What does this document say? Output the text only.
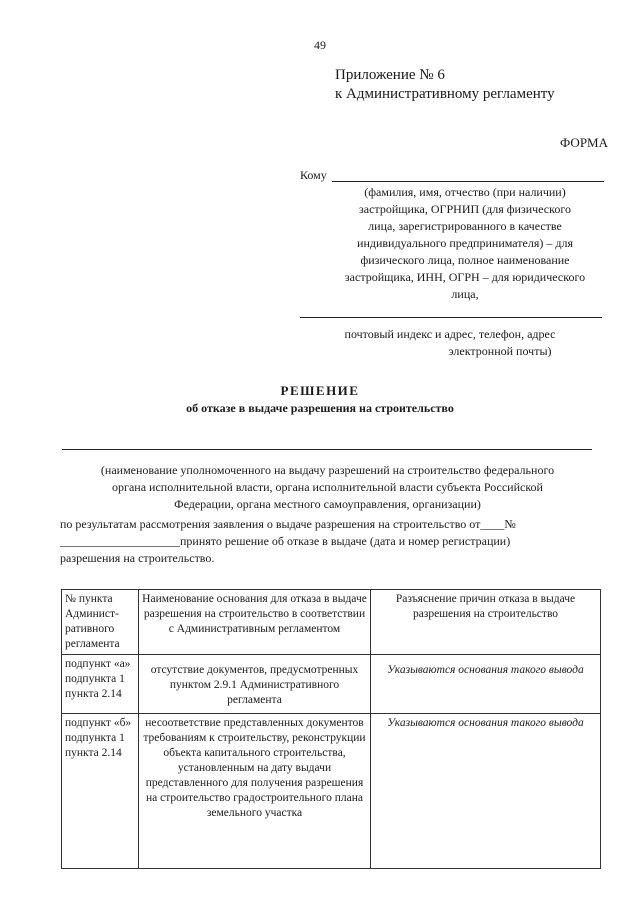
49
Приложение № 6
к Административному регламенту
ФОРМА
Кому
(фамилия, имя, отчество (при наличии)
застройщика, ОГРНИП (для физического
лица, зарегистрированного в качестве
индивидуального предпринимателя) – для
физического лица, полное наименование
застройщика, ИНН, ОГРН – для юридического
лица,
почтовый индекс и адрес, телефон, адрес
электронной почты)
РЕШЕНИЕ
об отказе в выдаче разрешения на строительство
(наименование уполномоченного на выдачу разрешений на строительство федерального
органа исполнительной власти, органа исполнительной власти субъекта Российской
Федерации, органа местного самоуправления, организации)

по результатам рассмотрения заявления о выдаче разрешения на строительство от____№

____________________принято решение об отказе в выдаче (дата и номер регистрации)

разрешения на строительство.

№ пункта Админист-ративного регламента	Наименование основания для отказа в выдаче разрешения на строительство в соответствии с Административным регламентом	Разъяснение причин отказа в выдаче разрешения на строительство
подпункт «а» подпункта 1 пункта 2.14	отсутствие документов, предусмотренных пунктом 2.9.1 Административного регламента	Указываются основания такого вывода
подпункт «б» подпункта 1 пункта 2.14	несоответствие представленных документов требованиям к строительству, реконструкции объекта капитального строительства, установленным на дату выдачи представленного для получения разрешения на строительство градостроительного плана земельного участка	Указываются основания такого вывода
